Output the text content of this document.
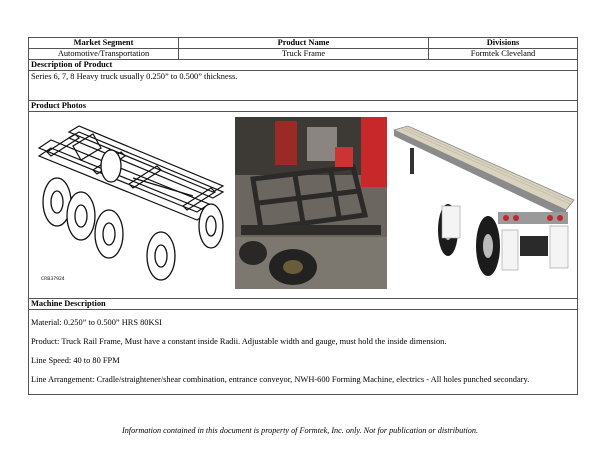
Market Segment	Product Name	Divisions
Automotive/Transportation	Truck Frame	Formtek Cleveland
Description of Product		
Series 6, 7, 8 Heavy truck usually 0.250” to 0.500” thickness.		
Product Photos		

CRB37924		

Machine Description		

Material: 0.250” to 0.500” HRS 80KSI

Product: Truck Rail Frame, Must have a constant inside Radii. Adjustable width and gauge, must hold the inside dimension.

Line Speed: 40 to 80 FPM

Line Arrangement: Cradle/straightener/shear combination, entrance conveyor, NWH-600 Forming Machine, electrics - All holes punched secondary.		

Information contained in this document is property of Formtek, Inc. only. Not for publication or distribution.
